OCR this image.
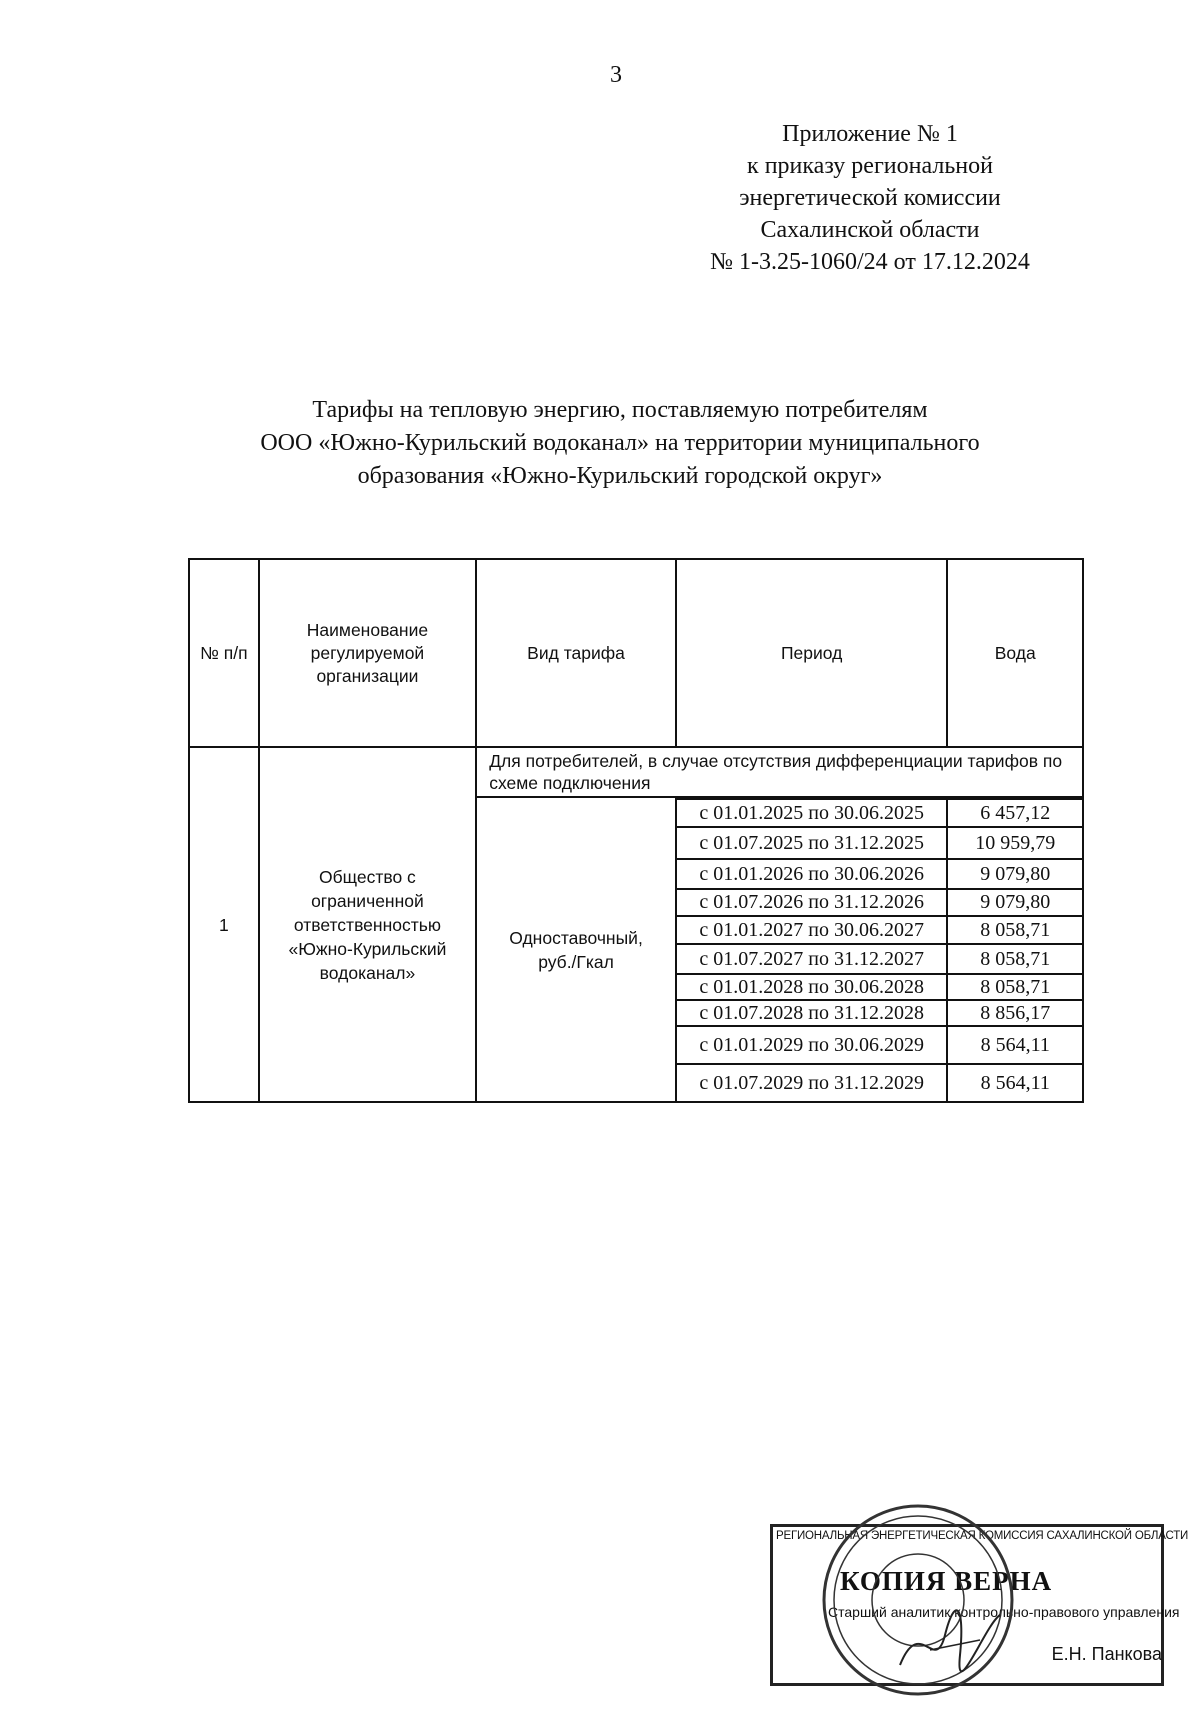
3
Приложение № 1
к приказу региональной
энергетической комиссии
Сахалинской области
№ 1-3.25-1060/24 от 17.12.2024
Тарифы на тепловую энергию, поставляемую потребителям
ООО «Южно-Курильский водоканал» на территории муниципального
образования «Южно-Курильский городской округ»
№ п/п	Наименование регулируемой организации	Вид тарифа	Период	Вода
1	Общество с ограниченной ответственностью «Южно-Курильский водоканал»	Для потребителей, в случае отсутствия дифференциации тарифов по схеме подключения		

		Одноставочный, руб./Гкал		

			с 01.01.2025 по 30.06.2025	6 457,12
			с 01.07.2025 по 31.12.2025	10 959,79
			с 01.01.2026 по 30.06.2026	9 079,80
			с 01.07.2026 по 31.12.2026	9 079,80
			с 01.01.2027 по 30.06.2027	8 058,71
			с 01.07.2027 по 31.12.2027	8 058,71
			с 01.01.2028 по 30.06.2028	8 058,71
			с 01.07.2028 по 31.12.2028	8 856,17
			с 01.01.2029 по 30.06.2029	8 564,11
			с 01.07.2029 по 31.12.2029	8 564,11
РЕГИОНАЛЬНАЯ ЭНЕРГЕТИЧЕСКАЯ КОМИССИЯ САХАЛИНСКОЙ ОБЛАСТИ
КОПИЯ ВЕРНА
Старший аналитик контрольно-правового управления
Е.Н. Панкова
